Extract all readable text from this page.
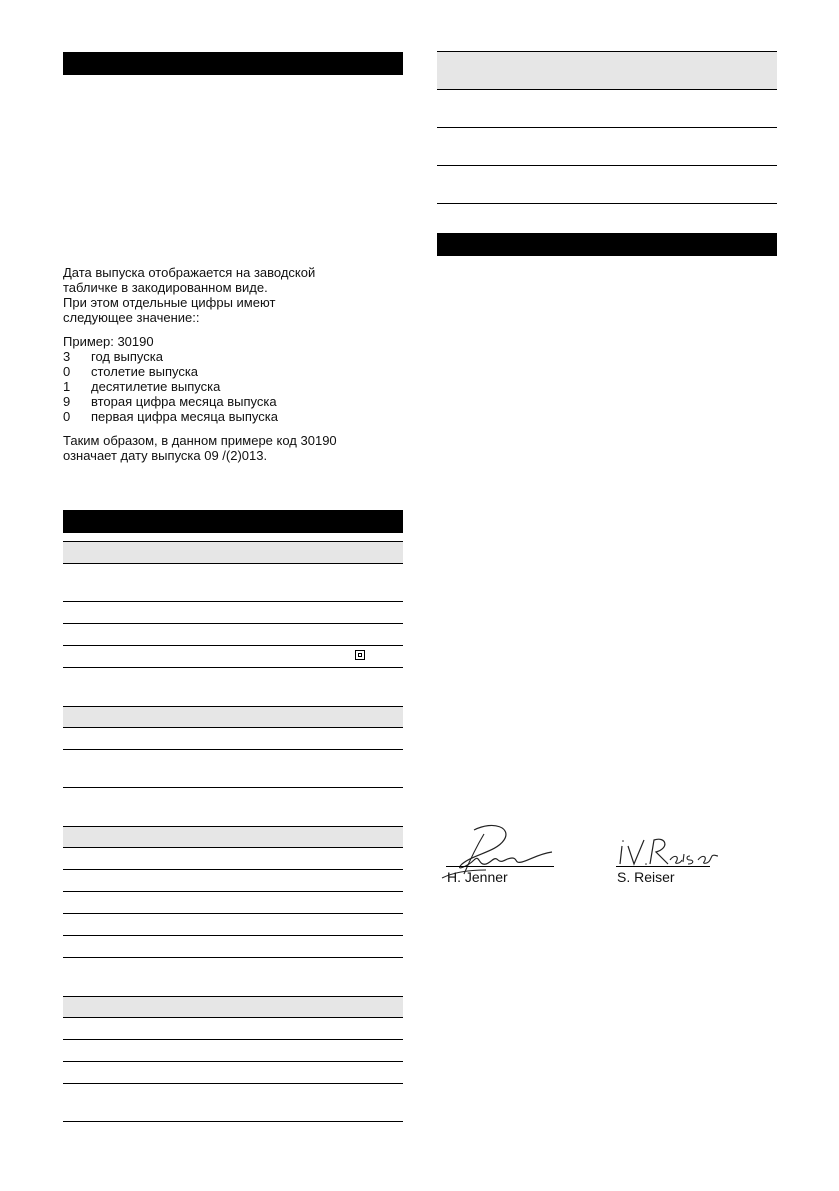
Дата выпуска отображается на заводской
табличке в закодированном виде.
При этом отдельные цифры имеют
следующее значение::
Пример: 30190
3 год выпуска
0 столетие выпуска
1 десятилетие выпуска
9 вторая цифра месяца выпуска
0 первая цифра месяца выпуска
Таким образом, в данном примере код 30190
означает дату выпуска 09 /(2)013.
H. Jenner	S. Reiser
